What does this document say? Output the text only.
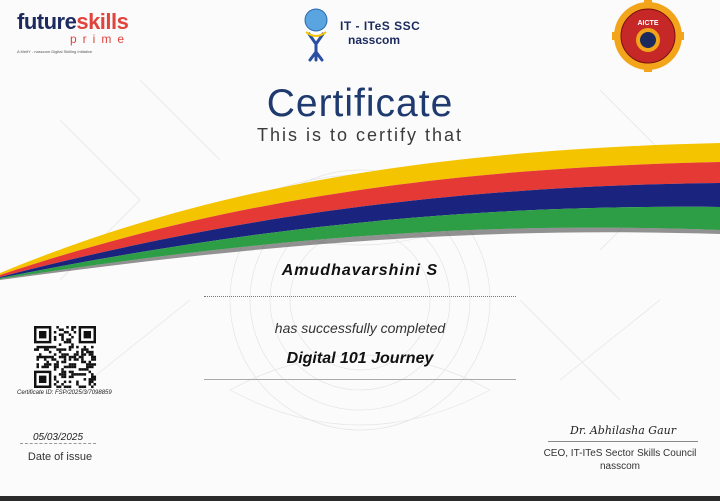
AICTE
futureskills
prime
A MeitY - nasscom Digital Skilling Initiative
IT - ITeS SSC
nasscom
Certificate
This is to certify that
Amudhavarshini S
has successfully completed
Digital 101 Journey
Certificate ID: FSP/2025/3/7098859
05/03/2025
Date of issue
Dr. Abhilasha Gaur
CEO, IT-ITeS Sector Skills Council
nasscom
